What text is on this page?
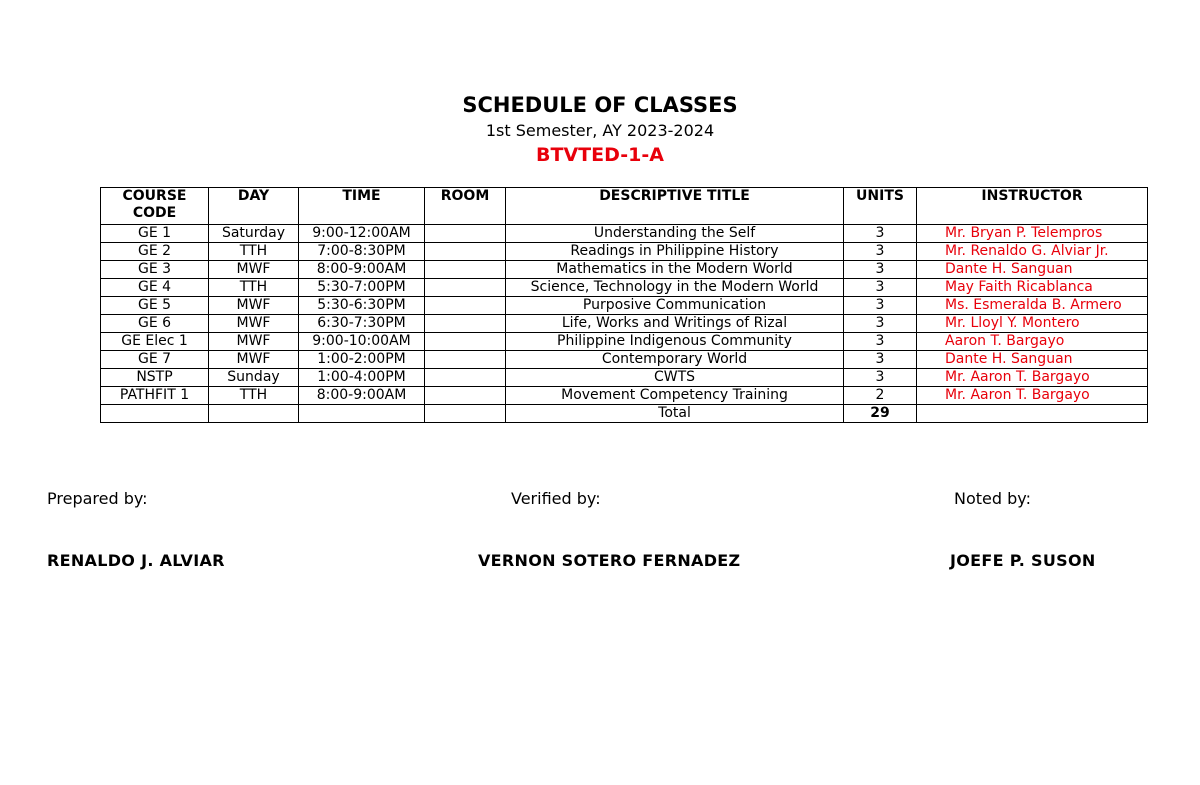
SCHEDULE OF CLASSES
1st Semester, AY 2023-2024
BTVTED-1-A
COURSE
CODE	DAY	TIME	ROOM	DESCRIPTIVE TITLE	UNITS	INSTRUCTOR
GE 1	Saturday	9:00-12:00AM		Understanding the Self	3	Mr. Bryan P. Telempros
GE 2	TTH	7:00-8:30PM		Readings in Philippine History	3	Mr. Renaldo G. Alviar Jr.
GE 3	MWF	8:00-9:00AM		Mathematics in the Modern World	3	Dante H. Sanguan
GE 4	TTH	5:30-7:00PM		Science, Technology in the Modern World	3	May Faith Ricablanca
GE 5	MWF	5:30-6:30PM		Purposive Communication	3	Ms. Esmeralda B. Armero
GE 6	MWF	6:30-7:30PM		Life, Works and Writings of Rizal	3	Mr. Lloyl Y. Montero
GE Elec 1	MWF	9:00-10:00AM		Philippine Indigenous Community	3	Aaron T. Bargayo
GE 7	MWF	1:00-2:00PM		Contemporary World	3	Dante H. Sanguan
NSTP	Sunday	1:00-4:00PM		CWTS	3	Mr. Aaron T. Bargayo
PATHFIT 1	TTH	8:00-9:00AM		Movement Competency Training	2	Mr. Aaron T. Bargayo
				Total	29	
Prepared by:	Verified by:	Noted by:
RENALDO J. ALVIAR	VERNON SOTERO FERNADEZ	JOEFE P. SUSON
